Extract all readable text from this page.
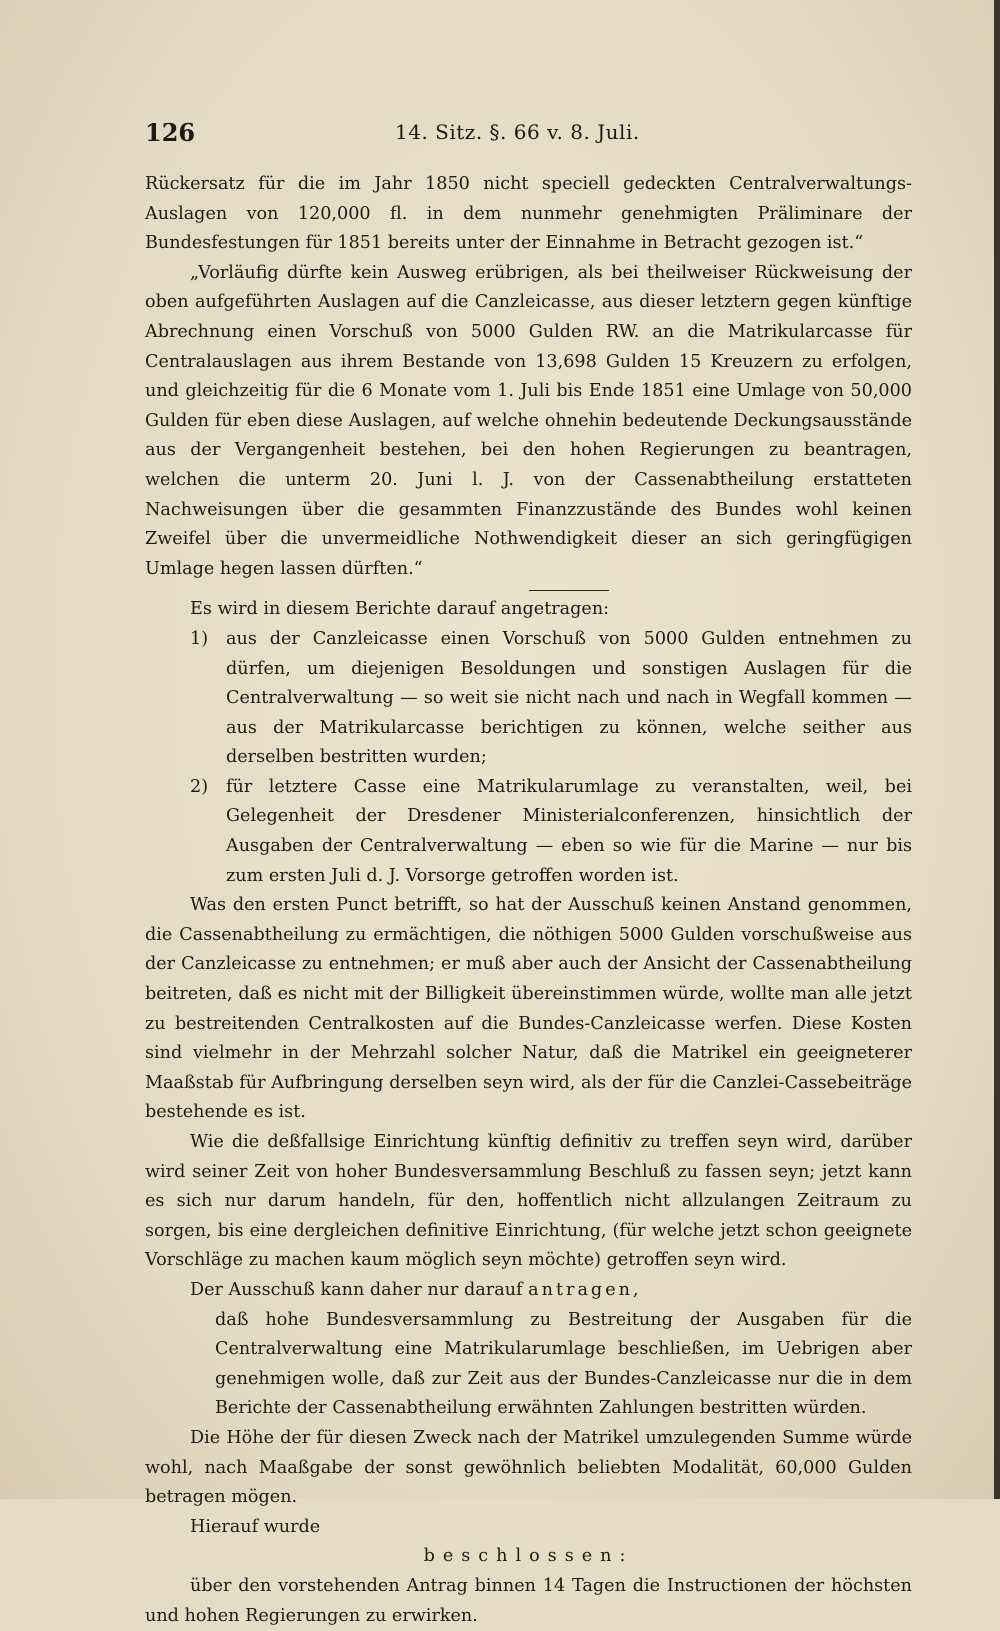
126	14. Sitz. §. 66 v. 8. Juli.

Rückersatz für die im Jahr 1850 nicht speciell gedeckten Centralverwaltungs-Auslagen von 120,000 fl. in dem nunmehr genehmigten Präliminare der Bundesfestungen für 1851 bereits unter der Einnahme in Betracht gezogen ist.“

„Vorläufig dürfte kein Ausweg erübrigen, als bei theilweiser Rückweisung der oben aufgeführten Auslagen auf die Canzleicasse, aus dieser letztern gegen künftige Abrechnung einen Vorschuß von 5000 Gulden RW. an die Matrikularcasse für Centralauslagen aus ihrem Bestande von 13,698 Gulden 15 Kreuzern zu erfolgen, und gleichzeitig für die 6 Monate vom 1. Juli bis Ende 1851 eine Umlage von 50,000 Gulden für eben diese Auslagen, auf welche ohnehin bedeutende Deckungsausstände aus der Vergangenheit bestehen, bei den hohen Regierungen zu beantragen, welchen die unterm 20. Juni l. J. von der Cassenabtheilung erstatteten Nachweisungen über die gesammten Finanzzustände des Bundes wohl keinen Zweifel über die unvermeidliche Nothwendigkeit dieser an sich geringfügigen Umlage hegen lassen dürften.“

Es wird in diesem Berichte darauf angetragen:

1)	aus der Canzleicasse einen Vorschuß von 5000 Gulden entnehmen zu dürfen, um diejenigen Besoldungen und sonstigen Auslagen für die Centralverwaltung — so weit sie nicht nach und nach in Wegfall kommen — aus der Matrikularcasse berichtigen zu können, welche seither aus derselben bestritten wurden;
2)	für letztere Casse eine Matrikularumlage zu veranstalten, weil, bei Gelegenheit der Dresdener Ministerialconferenzen, hinsichtlich der Ausgaben der Centralverwaltung — eben so wie für die Marine — nur bis zum ersten Juli d. J. Vorsorge getroffen worden ist.

Was den ersten Punct betrifft, so hat der Ausschuß keinen Anstand genommen, die Cassenabtheilung zu ermächtigen, die nöthigen 5000 Gulden vorschußweise aus der Canzleicasse zu entnehmen; er muß aber auch der Ansicht der Cassenabtheilung beitreten, daß es nicht mit der Billigkeit übereinstimmen würde, wollte man alle jetzt zu bestreitenden Centralkosten auf die Bundes-Canzleicasse werfen. Diese Kosten sind vielmehr in der Mehrzahl solcher Natur, daß die Matrikel ein geeigneterer Maaßstab für Aufbringung derselben seyn wird, als der für die Canzlei-Cassebeiträge bestehende es ist.

Wie die deßfallsige Einrichtung künftig definitiv zu treffen seyn wird, darüber wird seiner Zeit von hoher Bundesversammlung Beschluß zu fassen seyn; jetzt kann es sich nur darum handeln, für den, hoffentlich nicht allzulangen Zeitraum zu sorgen, bis eine dergleichen definitive Einrichtung, (für welche jetzt schon geeignete Vorschläge zu machen kaum möglich seyn möchte) getroffen seyn wird.

Der Ausschuß kann daher nur darauf antragen,

daß hohe Bundesversammlung zu Bestreitung der Ausgaben für die Centralverwaltung eine Matrikularumlage beschließen, im Uebrigen aber genehmigen wolle, daß zur Zeit aus der Bundes-Canzleicasse nur die in dem Berichte der Cassenabtheilung erwähnten Zahlungen bestritten würden.

Die Höhe der für diesen Zweck nach der Matrikel umzulegenden Summe würde wohl, nach Maaßgabe der sonst gewöhnlich beliebten Modalität, 60,000 Gulden betragen mögen.

Hierauf wurde

beschlossen:

über den vorstehenden Antrag binnen 14 Tagen die Instructionen der höchsten und hohen Regierungen zu erwirken.
